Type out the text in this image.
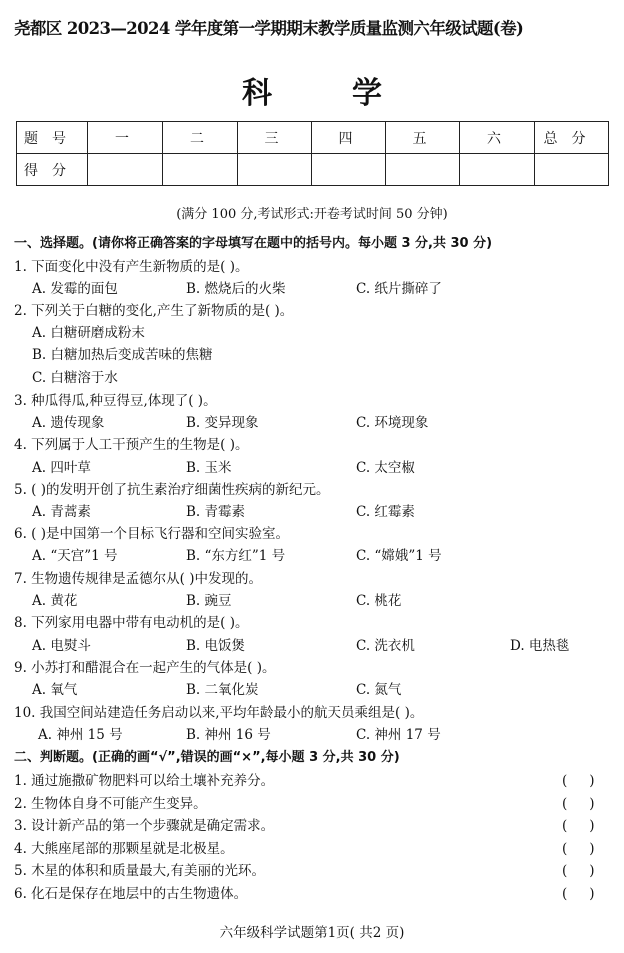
尧都区 2023—2024 学年度第一学期期末教学质量监测六年级试题(卷)
科学
题号	一	二	三	四	五	六	总分
得分							
(满分 100 分,考试形式:开卷考试时间 50 分钟)
一、选择题。(请你将正确答案的字母填写在题中的括号内。每小题 3 分,共 30 分)
1. 下面变化中没有产生新物质的是( )。
A. 发霉的面包	B. 燃烧后的火柴	C. 纸片撕碎了
2. 下列关于白糖的变化,产生了新物质的是( )。
A. 白糖研磨成粉末
B. 白糖加热后变成苦味的焦糖
C. 白糖溶于水
3. 种瓜得瓜,种豆得豆,体现了( )。
A. 遗传现象	B. 变异现象	C. 环境现象
4. 下列属于人工干预产生的生物是( )。
A. 四叶草	B. 玉米	C. 太空椒
5. ( )的发明开创了抗生素治疗细菌性疾病的新纪元。
A. 青蒿素	B. 青霉素	C. 红霉素
6. ( )是中国第一个目标飞行器和空间实验室。
A. “天宫”1 号	B. “东方红”1 号	C. “嫦娥”1 号
7. 生物遗传规律是孟德尔从( )中发现的。
A. 黄花	B. 豌豆	C. 桃花
8. 下列家用电器中带有电动机的是( )。
A. 电熨斗	B. 电饭煲	C. 洗衣机	D. 电热毯
9. 小苏打和醋混合在一起产生的气体是( )。
A. 氧气	B. 二氧化炭	C. 氮气
10. 我国空间站建造任务启动以来,平均年龄最小的航天员乘组是( )。
A. 神州 15 号	B. 神州 16 号	C. 神州 17 号
二、判断题。(正确的画“√”,错误的画“×”,每小题 3 分,共 30 分)
1. 通过施撒矿物肥料可以给土壤补充养分。	()
2. 生物体自身不可能产生变异。	()
3. 设计新产品的第一个步骤就是确定需求。	()
4. 大熊座尾部的那颗星就是北极星。	()
5. 木星的体积和质量最大,有美丽的光环。	()
6. 化石是保存在地层中的古生物遗体。	()
六年级科学试题第1页( 共2 页)
